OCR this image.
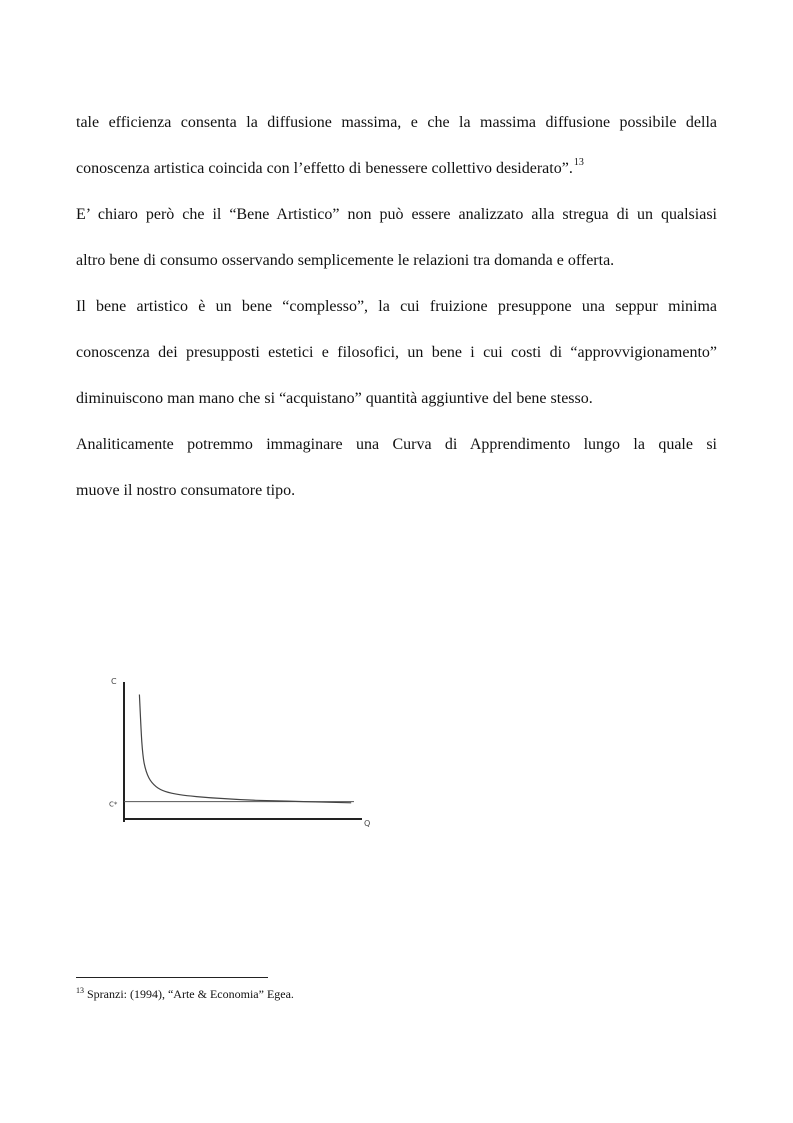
tale efficienza consenta la diffusione massima, e che la massima diffusione possibile della
conoscenza artistica coincida con l’effetto di benessere collettivo desiderato”.$^{13}$
E’ chiaro però che il “Bene Artistico” non può essere analizzato alla stregua di un qualsiasi
altro bene di consumo osservando semplicemente le relazioni tra domanda e offerta.
Il bene artistico è un bene “complesso”, la cui fruizione presuppone una seppur minima
conoscenza dei presupposti estetici e filosofici, un bene i cui costi di “approvvigionamento”
diminuiscono man mano che si “acquistano” quantità aggiuntive del bene stesso.
Analiticamente potremmo immaginare una Curva di Apprendimento lungo la quale si
muove il nostro consumatore tipo.
C
Q
C*
$^{13}$ Spranzi: (1994), “Arte & Economia” Egea.
